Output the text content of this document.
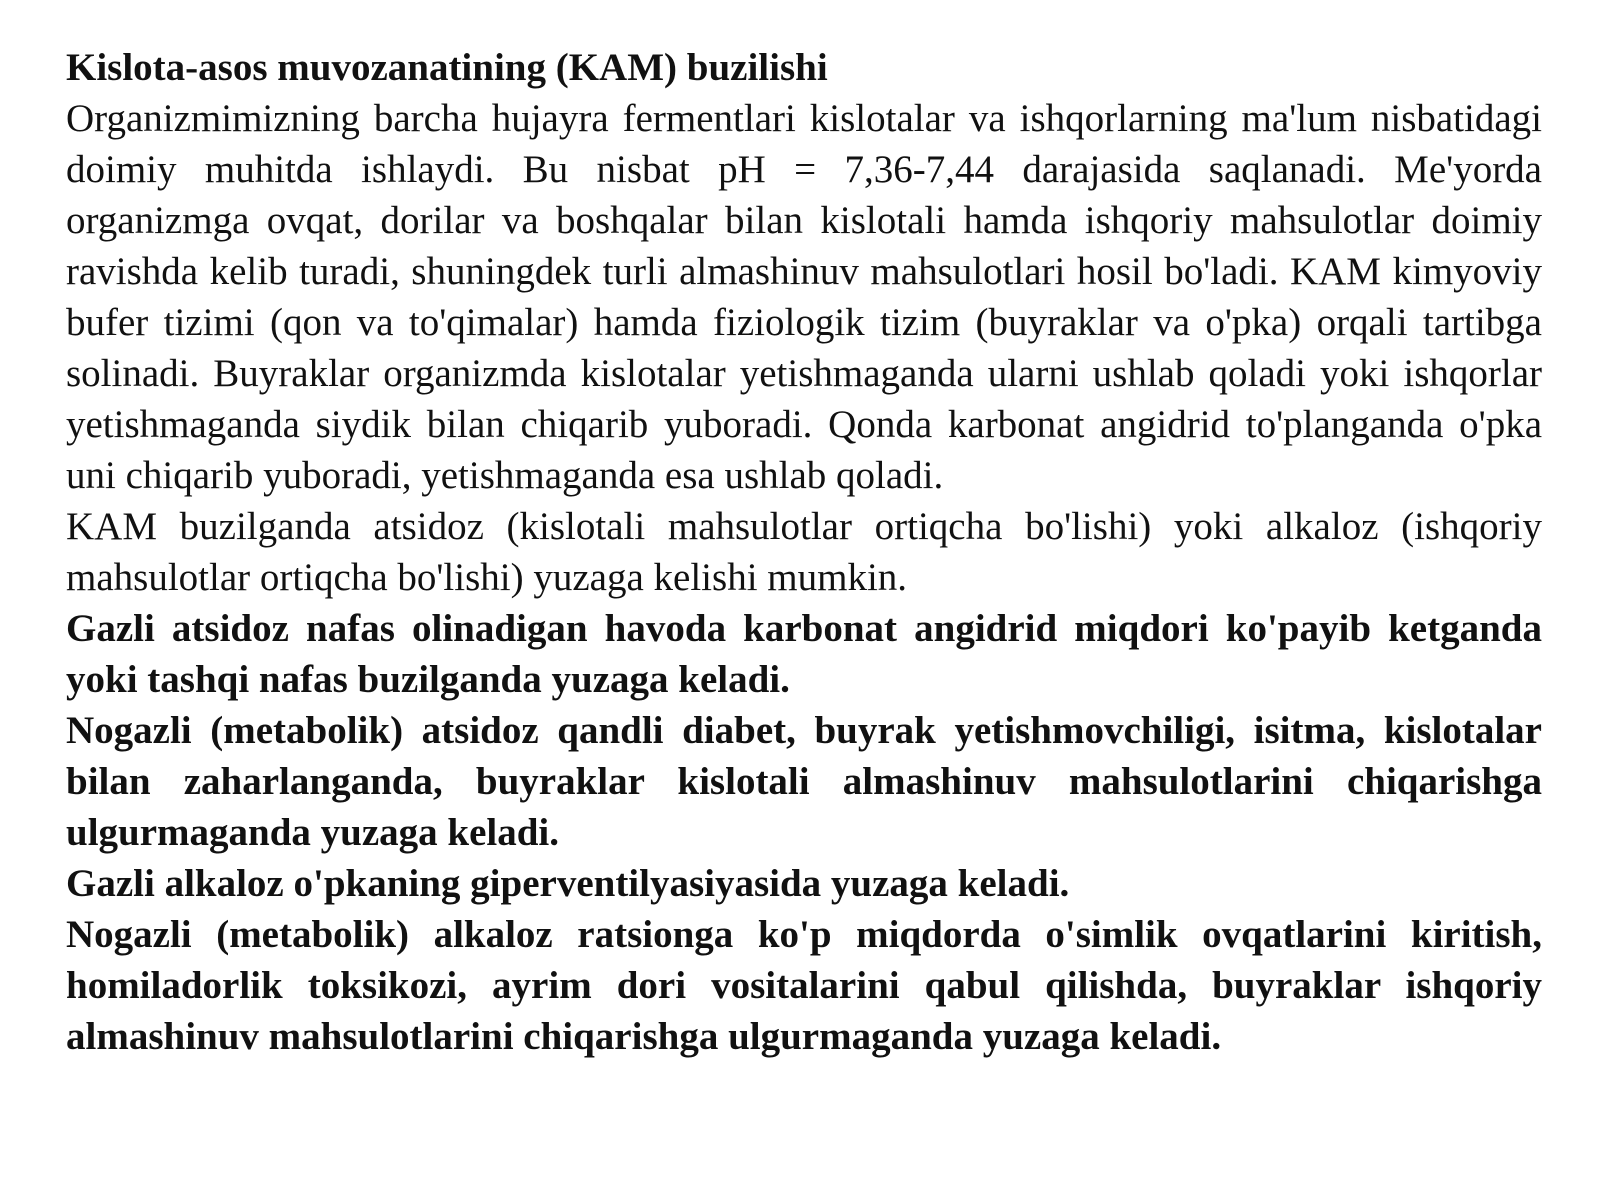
Kislota-asos muvozanatining (KAM) buzilishi

Organizmimizning barcha hujayra fermentlari kislotalar va ishqorlarning ma'lum nisbatidagi doimiy muhitda ishlaydi. Bu nisbat pH = 7,36-7,44 darajasida saqlanadi. Me'yorda organizmga ovqat, dorilar va boshqalar bilan kislotali hamda ishqoriy mahsulotlar doimiy ravishda kelib turadi, shuningdek turli almashinuv mahsulotlari hosil bo'ladi. KAM kimyoviy bufer tizimi (qon va to'qimalar) hamda fiziologik tizim (buyraklar va o'pka) orqali tartibga solinadi. Buyraklar organizmda kislotalar yetishmaganda ularni ushlab qoladi yoki ishqorlar yetishmaganda siydik bilan chiqarib yuboradi. Qonda karbonat angidrid to'planganda o'pka uni chiqarib yuboradi, yetishmaganda esa ushlab qoladi.

KAM buzilganda atsidoz (kislotali mahsulotlar ortiqcha bo'lishi) yoki alkaloz (ishqoriy mahsulotlar ortiqcha bo'lishi) yuzaga kelishi mumkin.

Gazli atsidoz nafas olinadigan havoda karbonat angidrid miqdori ko'payib ketganda yoki tashqi nafas buzilganda yuzaga keladi.

Nogazli (metabolik) atsidoz qandli diabet, buyrak yetishmovchiligi, isitma, kislotalar bilan zaharlanganda, buyraklar kislotali almashinuv mahsulotlarini chiqarishga ulgurmaganda yuzaga keladi.

Gazli alkaloz o'pkaning giperventilyasiyasida yuzaga keladi.

Nogazli (metabolik) alkaloz ratsionga ko'p miqdorda o'simlik ovqatlarini kiritish, homiladorlik toksikozi, ayrim dori vositalarini qabul qilishda, buyraklar ishqoriy almashinuv mahsulotlarini chiqarishga ulgurmaganda yuzaga keladi.
